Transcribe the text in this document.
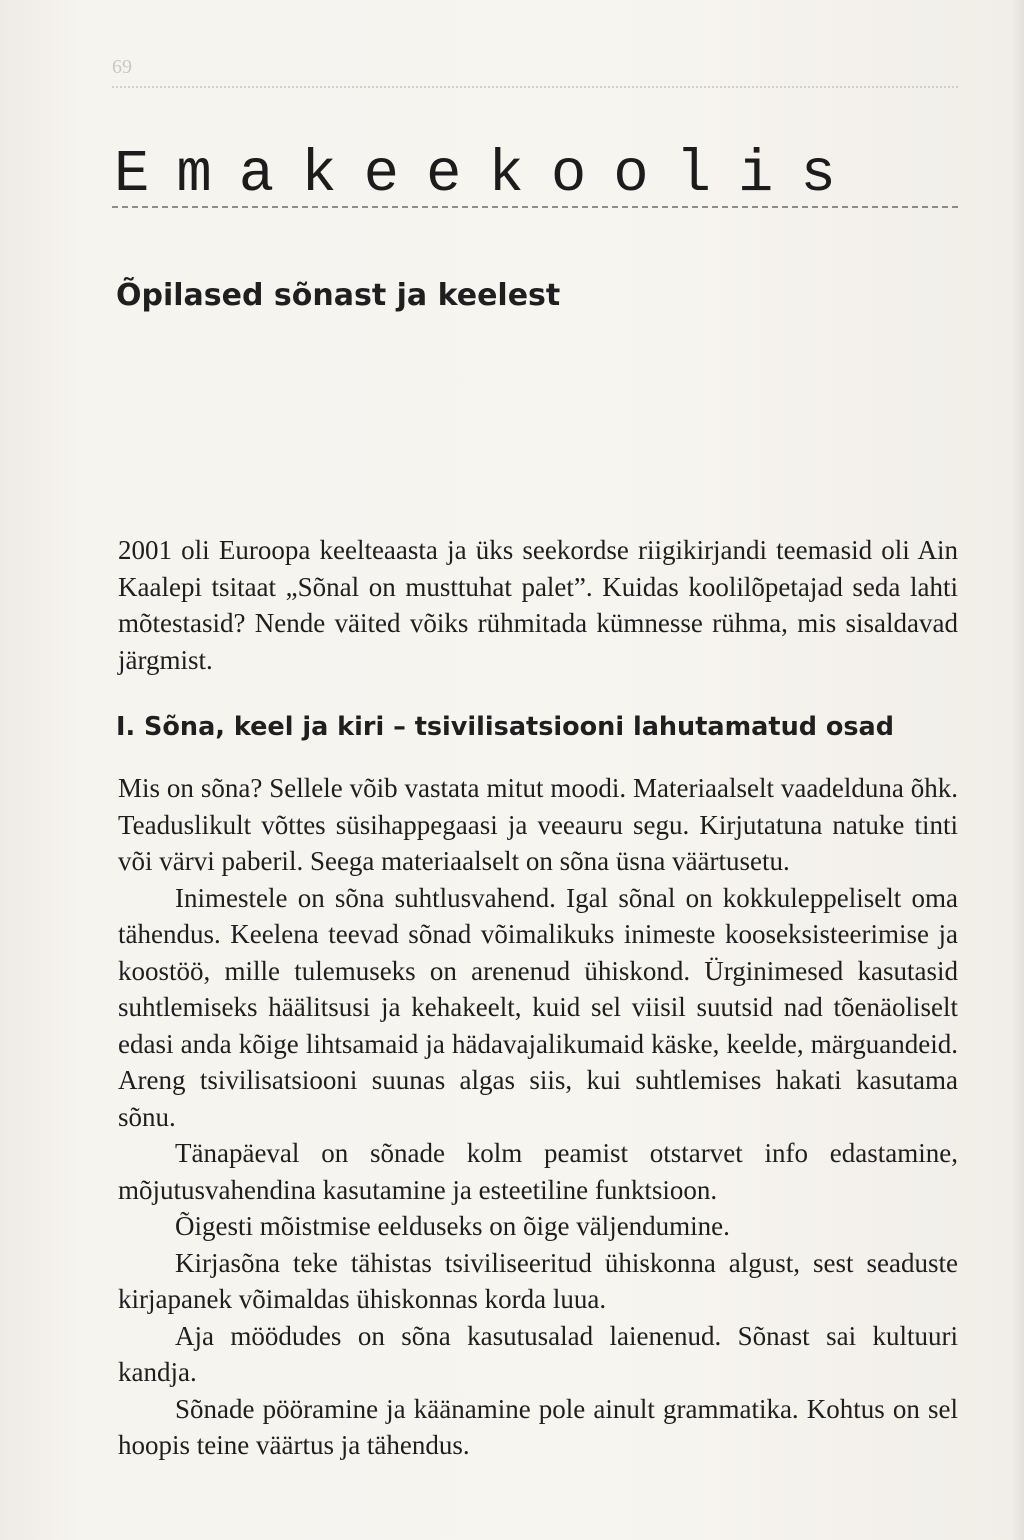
69
Emakeekoolis
Õpilased sõnast ja keelest

2001 oli Euroopa keelteaasta ja üks seekordse riigikirjandi teemasid oli Ain Kaalepi tsitaat „Sõnal on musttuhat palet”. Kuidas koolilõpetajad seda lahti mõtestasid? Nende väited võiks rühmitada kümnesse rühma, mis sisaldavad järgmist.

I. Sõna, keel ja kiri – tsivilisatsiooni lahutamatud osad

Mis on sõna? Sellele võib vastata mitut moodi. Materiaalselt vaadelduna õhk. Teaduslikult võttes süsihappegaasi ja veeauru segu. Kirjutatuna natuke tinti või värvi paberil. Seega materiaalselt on sõna üsna väärtusetu.

Inimestele on sõna suhtlusvahend. Igal sõnal on kokkuleppeliselt oma tähendus. Keelena teevad sõnad võimalikuks inimeste kooseksisteerimise ja koostöö, mille tulemuseks on arenenud ühiskond. Ürginimesed kasutasid suhtlemiseks häälitsusi ja kehakeelt, kuid sel viisil suutsid nad tõenäoliselt edasi anda kõige lihtsamaid ja hädavajalikumaid käske, keelde, märguandeid. Areng tsivilisatsiooni suunas algas siis, kui suhtlemises hakati kasutama sõnu.

Tänapäeval on sõnade kolm peamist otstarvet info edastamine, mõjutusvahendina kasutamine ja esteetiline funktsioon.

Õigesti mõistmise eelduseks on õige väljendumine.

Kirjasõna teke tähistas tsiviliseeritud ühiskonna algust, sest seaduste kirjapanek võimaldas ühiskonnas korda luua.

Aja möödudes on sõna kasutusalad laienenud. Sõnast sai kultuuri kandja.

Sõnade pööramine ja käänamine pole ainult grammatika. Kohtus on sel hoopis teine väärtus ja tähendus.
